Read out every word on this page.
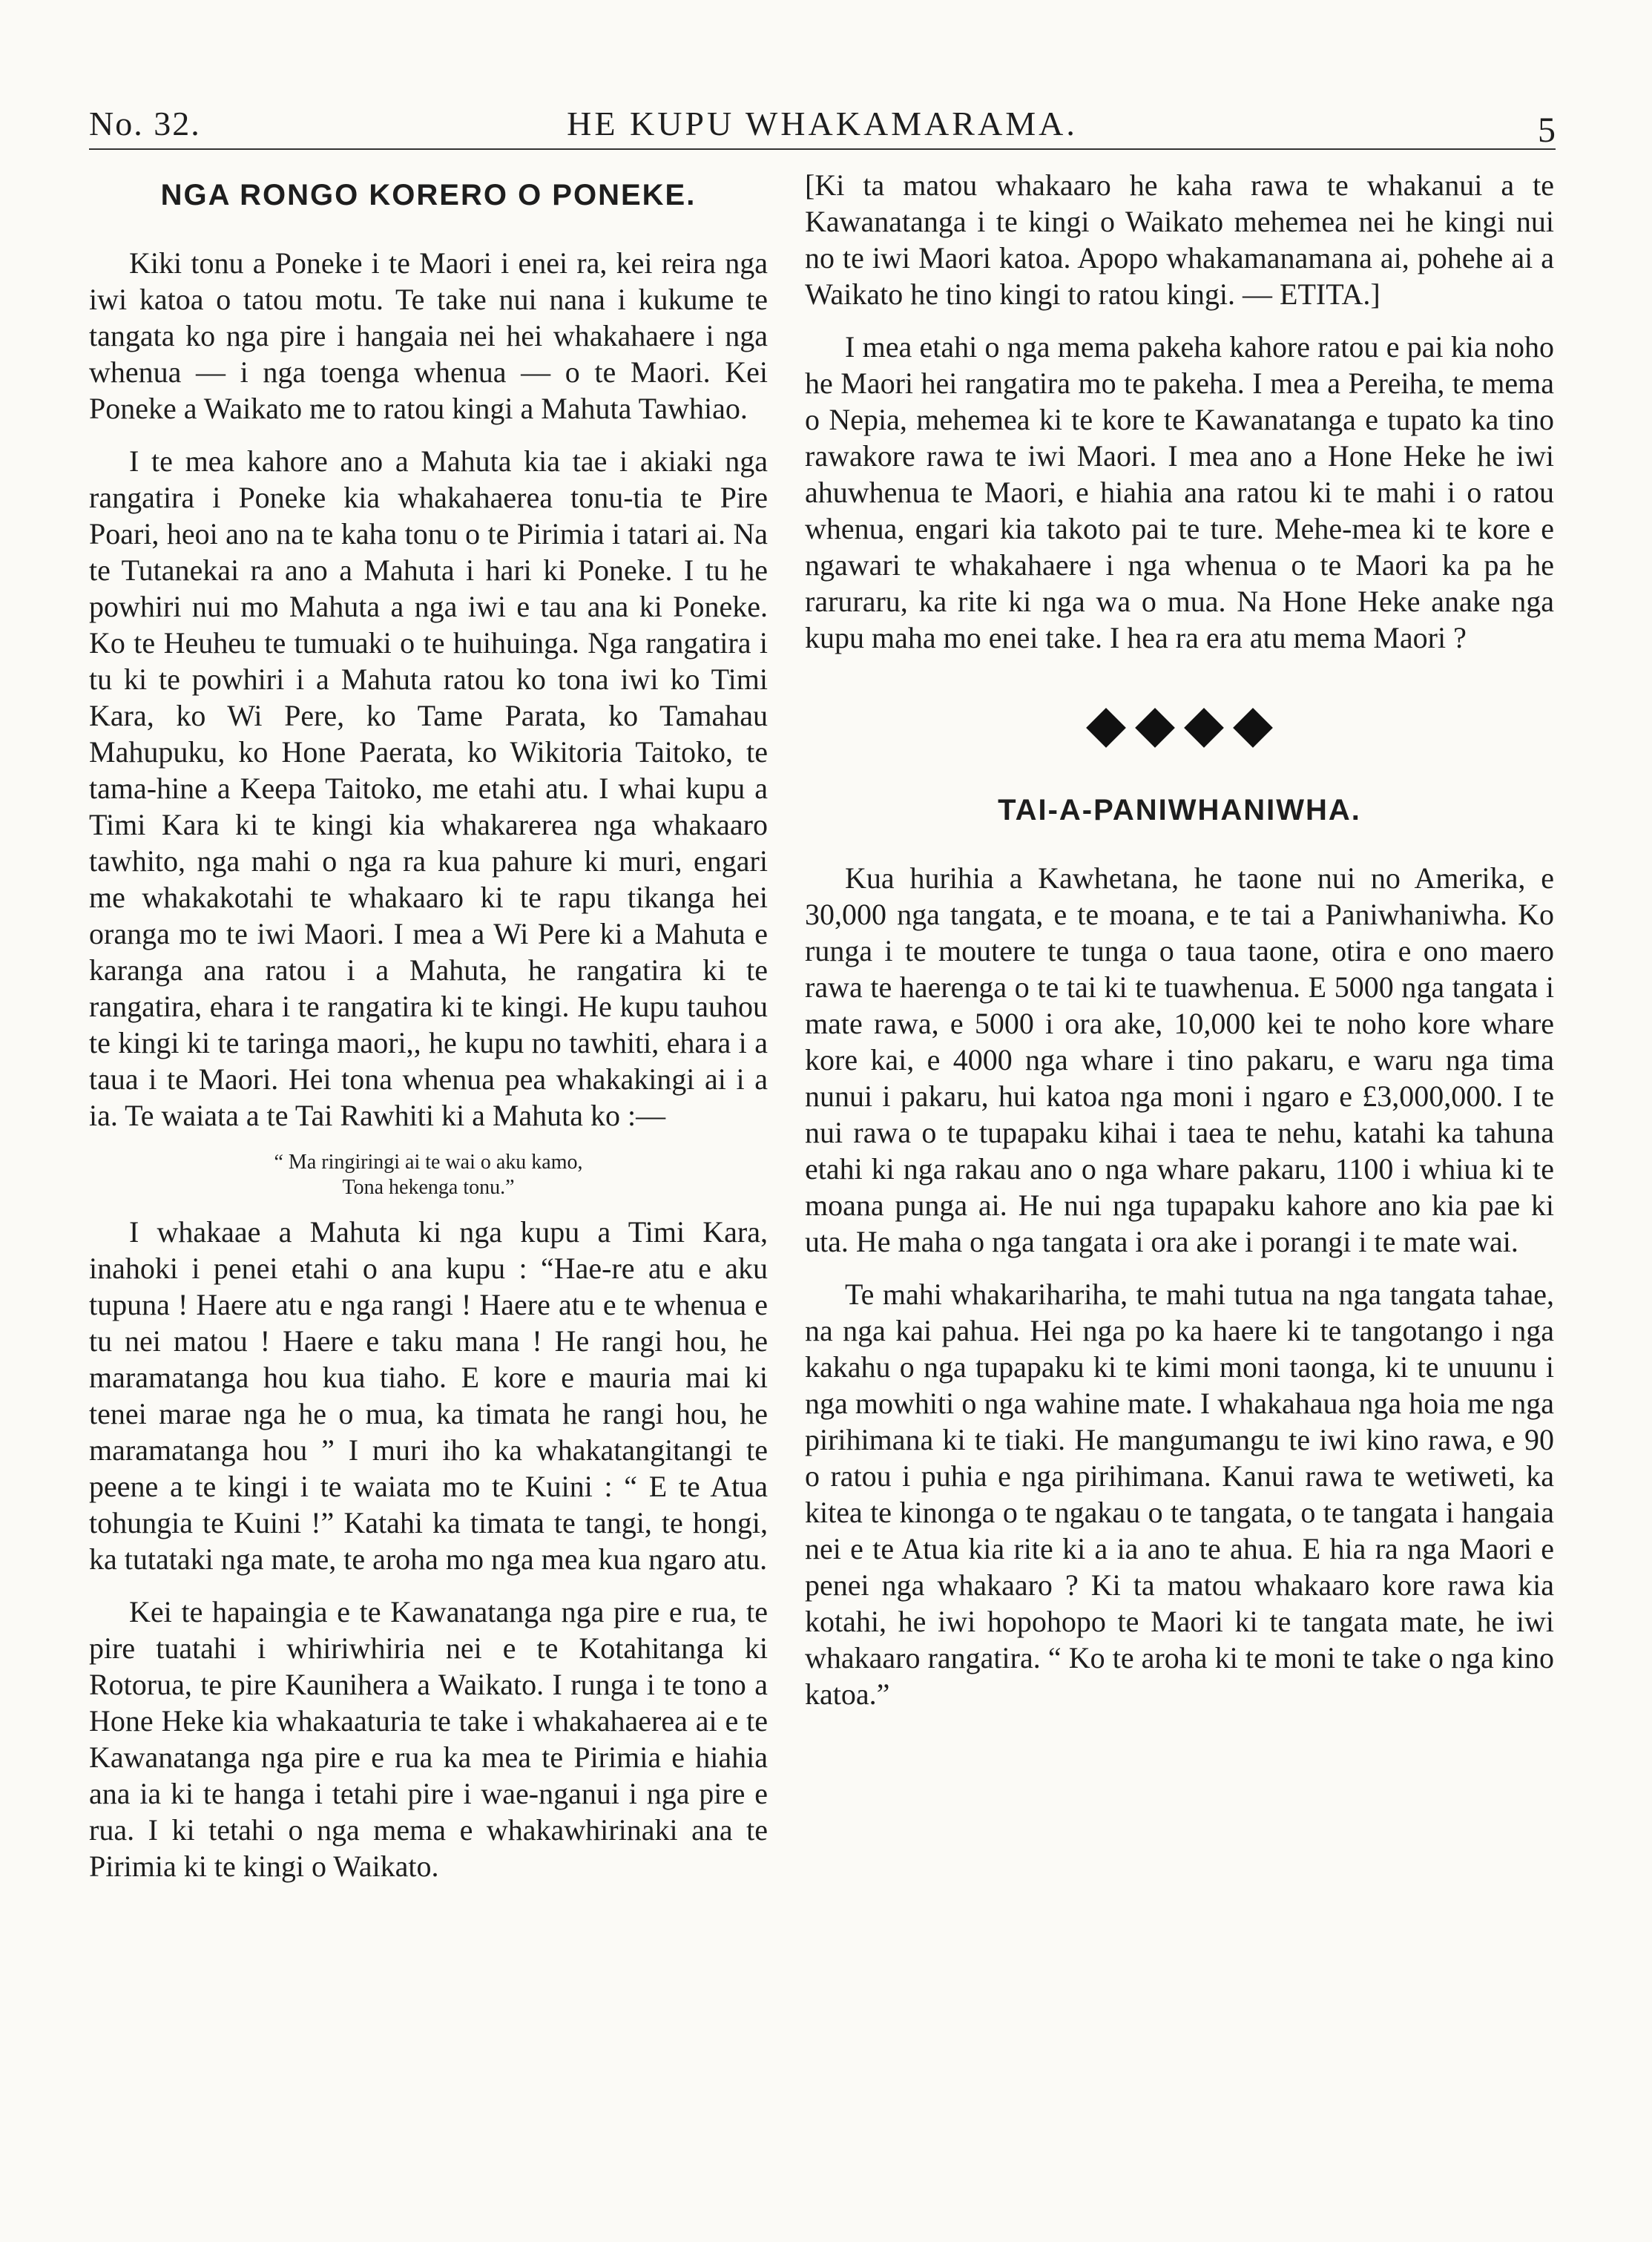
No. 32.	HE KUPU WHAKAMARAMA.	5
NGA RONGO KORERO O PONEKE.

Kiki tonu a Poneke i te Maori i enei ra, kei reira nga iwi katoa o tatou motu. Te take nui nana i kukume te tangata ko nga pire i hangaia nei hei whakahaere i nga whenua — i nga toenga whenua — o te Maori. Kei Poneke a Waikato me to ratou kingi a Mahuta Tawhiao.

I te mea kahore ano a Mahuta kia tae i akiaki nga rangatira i Poneke kia whakahaerea tonu-tia te Pire Poari, heoi ano na te kaha tonu o te Pirimia i tatari ai. Na te Tutanekai ra ano a Mahuta i hari ki Poneke. I tu he powhiri nui mo Mahuta a nga iwi e tau ana ki Poneke. Ko te Heuheu te tumuaki o te huihuinga. Nga rangatira i tu ki te powhiri i a Mahuta ratou ko tona iwi ko Timi Kara, ko Wi Pere, ko Tame Parata, ko Tamahau Mahupuku, ko Hone Paerata, ko Wikitoria Taitoko, te tama-hine a Keepa Taitoko, me etahi atu. I whai kupu a Timi Kara ki te kingi kia whakarerea nga whakaaro tawhito, nga mahi o nga ra kua pahure ki muri, engari me whakakotahi te whakaaro ki te rapu tikanga hei oranga mo te iwi Maori. I mea a Wi Pere ki a Mahuta e karanga ana ratou i a Mahuta, he rangatira ki te rangatira, ehara i te rangatira ki te kingi. He kupu tauhou te kingi ki te taringa maori,, he kupu no tawhiti, ehara i a taua i te Maori. Hei tona whenua pea whakakingi ai i a ia. Te waiata a te Tai Rawhiti ki a Mahuta ko :—

“ Ma ringiringi ai te wai o aku kamo,
Tona hekenga tonu.”

I whakaae a Mahuta ki nga kupu a Timi Kara, inahoki i penei etahi o ana kupu : “Hae-re atu e aku tupuna ! Haere atu e nga rangi ! Haere atu e te whenua e tu nei matou ! Haere e taku mana ! He rangi hou, he maramatanga hou kua tiaho. E kore e mauria mai ki tenei marae nga he o mua, ka timata he rangi hou, he maramatanga hou ” I muri iho ka whakatangitangi te peene a te kingi i te waiata mo te Kuini : “ E te Atua tohungia te Kuini !” Katahi ka timata te tangi, te hongi, ka tutataki nga mate, te aroha mo nga mea kua ngaro atu.

Kei te hapaingia e te Kawanatanga nga pire e rua, te pire tuatahi i whiriwhiria nei e te Kotahitanga ki Rotorua, te pire Kaunihera a Waikato. I runga i te tono a Hone Heke kia whakaaturia te take i whakahaerea ai e te Kawanatanga nga pire e rua ka mea te Pirimia e hiahia ana ia ki te hanga i tetahi pire i wae-nganui i nga pire e rua. I ki tetahi o nga mema e whakawhirinaki ana te Pirimia ki te kingi o Waikato.

[Ki ta matou whakaaro he kaha rawa te whakanui a te Kawanatanga i te kingi o Waikato mehemea nei he kingi nui no te iwi Maori katoa. Apopo whakamanamana ai, pohehe ai a Waikato he tino kingi to ratou kingi. — ETITA.]

I mea etahi o nga mema pakeha kahore ratou e pai kia noho he Maori hei rangatira mo te pakeha. I mea a Pereiha, te mema o Nepia, mehemea ki te kore te Kawanatanga e tupato ka tino rawakore rawa te iwi Maori. I mea ano a Hone Heke he iwi ahuwhenua te Maori, e hiahia ana ratou ki te mahi i o ratou whenua, engari kia takoto pai te ture. Mehe-mea ki te kore e ngawari te whakahaere i nga whenua o te Maori ka pa he raruraru, ka rite ki nga wa o mua. Na Hone Heke anake nga kupu maha mo enei take. I hea ra era atu mema Maori ?

TAI-A-PANIWHANIWHA.

Kua hurihia a Kawhetana, he taone nui no Amerika, e 30,000 nga tangata, e te moana, e te tai a Paniwhaniwha. Ko runga i te moutere te tunga o taua taone, otira e ono maero rawa te haerenga o te tai ki te tuawhenua. E 5000 nga tangata i mate rawa, e 5000 i ora ake, 10,000 kei te noho kore whare kore kai, e 4000 nga whare i tino pakaru, e waru nga tima nunui i pakaru, hui katoa nga moni i ngaro e £3,000,000. I te nui rawa o te tupapaku kihai i taea te nehu, katahi ka tahuna etahi ki nga rakau ano o nga whare pakaru, 1100 i whiua ki te moana punga ai. He nui nga tupapaku kahore ano kia pae ki uta. He maha o nga tangata i ora ake i porangi i te mate wai.

Te mahi whakarihariha, te mahi tutua na nga tangata tahae, na nga kai pahua. Hei nga po ka haere ki te tangotango i nga kakahu o nga tupapaku ki te kimi moni taonga, ki te unuunu i nga mowhiti o nga wahine mate. I whakahaua nga hoia me nga pirihimana ki te tiaki. He mangumangu te iwi kino rawa, e 90 o ratou i puhia e nga pirihimana. Kanui rawa te wetiweti, ka kitea te kinonga o te ngakau o te tangata, o te tangata i hangaia nei e te Atua kia rite ki a ia ano te ahua. E hia ra nga Maori e penei nga whakaaro ? Ki ta matou whakaaro kore rawa kia kotahi, he iwi hopohopo te Maori ki te tangata mate, he iwi whakaaro rangatira. “ Ko te aroha ki te moni te take o nga kino katoa.”
